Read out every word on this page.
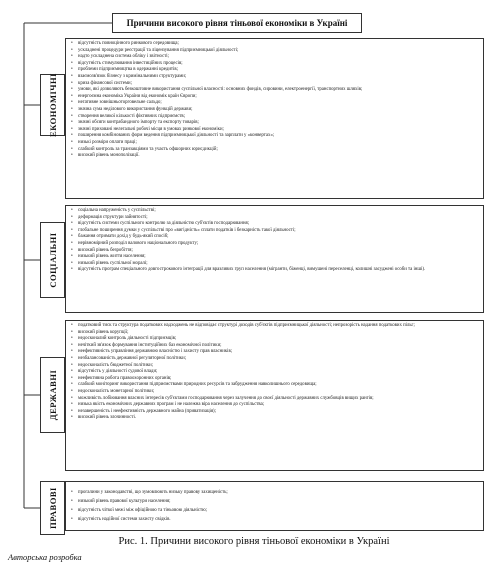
Причини високого рівня тіньової економіки в Україні
ЕКОНОМІЧНІ
• відсутність повноцінного ринкового середовища;
• ускладнені процедури реєстрації та ліцензування підприємницької діяльності;
• надто ускладнена система обліку і звітності;
• відсутність стимулювання інвестиційних процесів;
• проблеми підприємництва в одержанні кредитів;
• взаємозв'язок бізнесу з кримінальними структурами;
• криза фінансової системи;
• умови, які дозволяють безкоштовне використання суспільної власності: основних фондів, сировини, електроенергії, транспортних шляхів;
• енергоємна економіка України від економік країн Європи;
• негативне зовнішньоторговельне сальдо;
• значна сума неділового використання функцій держави;
• створення великої кількості фіктивних підприємств;
• значні обсяги контрабандного імпорту та експорту товарів;
• значні приховані нелегальні робочі місця в умовах ринкової економіки;
• поширення комбінованих форм ведення підприємницької діяльності та зарплати у «конвертах»;
• низькі розміри оплати праці;
• слабкий контроль за транзакціями та участь офшорних юрисдикцій;
• високий рівень монополізації.
СОЦІАЛЬНІ
• соціальна напруженість у суспільстві;
• деформація структури зайнятості;
• відсутність системи суспільного контролю за діяльністю суб'єктів господарювання;
• глобальне поширення думки у суспільстві про «вигідність» сплати податків і безкарність такої діяльності;
• бажання отримати дохід у будь-який спосіб;
• нерівномірний розподіл валового національного продукту;
• високий рівень безробіття;
• низький рівень життя населення;
• низький рівень суспільної моралі;
• відсутність програм спеціального довгострокового інтеграції для вразливих груп населення (мігранти, біженці, вимушені переселенці, колишні засуджені особи та інші).
ДЕРЖАВНІ
• податковий тиск та структура податкових надходжень не відповідає структурі доходів суб'єктів підприємницької діяльності; непрозорість надання податкових пільг;
• високий рівень корупції;
• недосконалий контроль діяльності підприємців;
• нечіткий зв'язок формування інституційних баз економічної політики;
• неефективність управління державною власністю і захисту прав власників;
• незбалансованість державної регуляторної політики;
• недосконалість бюджетної політики;
• відсутність у діяльності судової влади;
• неефективна робота правоохоронних органів;
• слабкий моніторинг використання підприємствами природних ресурсів та забрудження навколишнього середовища;
• недосконалість монетарної політики;
• можливість лобіювання власних інтересів суб'єктами господарювання через залучення до своєї діяльності державних службовців вищих рангів;
• низька якість економічних державних програм і не належна віра населення до суспільства;
• незавершеність і неефективність державного майна (приватизація);
• високий рівень злочинності.
ПРАВОВІ
•	прогалини у законодавстві, що зумовлюють низьку правову захищеність;
• низький рівень правової культури населення;
• відсутність чіткої межі між офіційною та тіньовою діяльністю;
• відсутність надійної системи захисту свідків.
Рис. 1. Причини високого рівня тіньової економіки в Україні
Авторська розробка
